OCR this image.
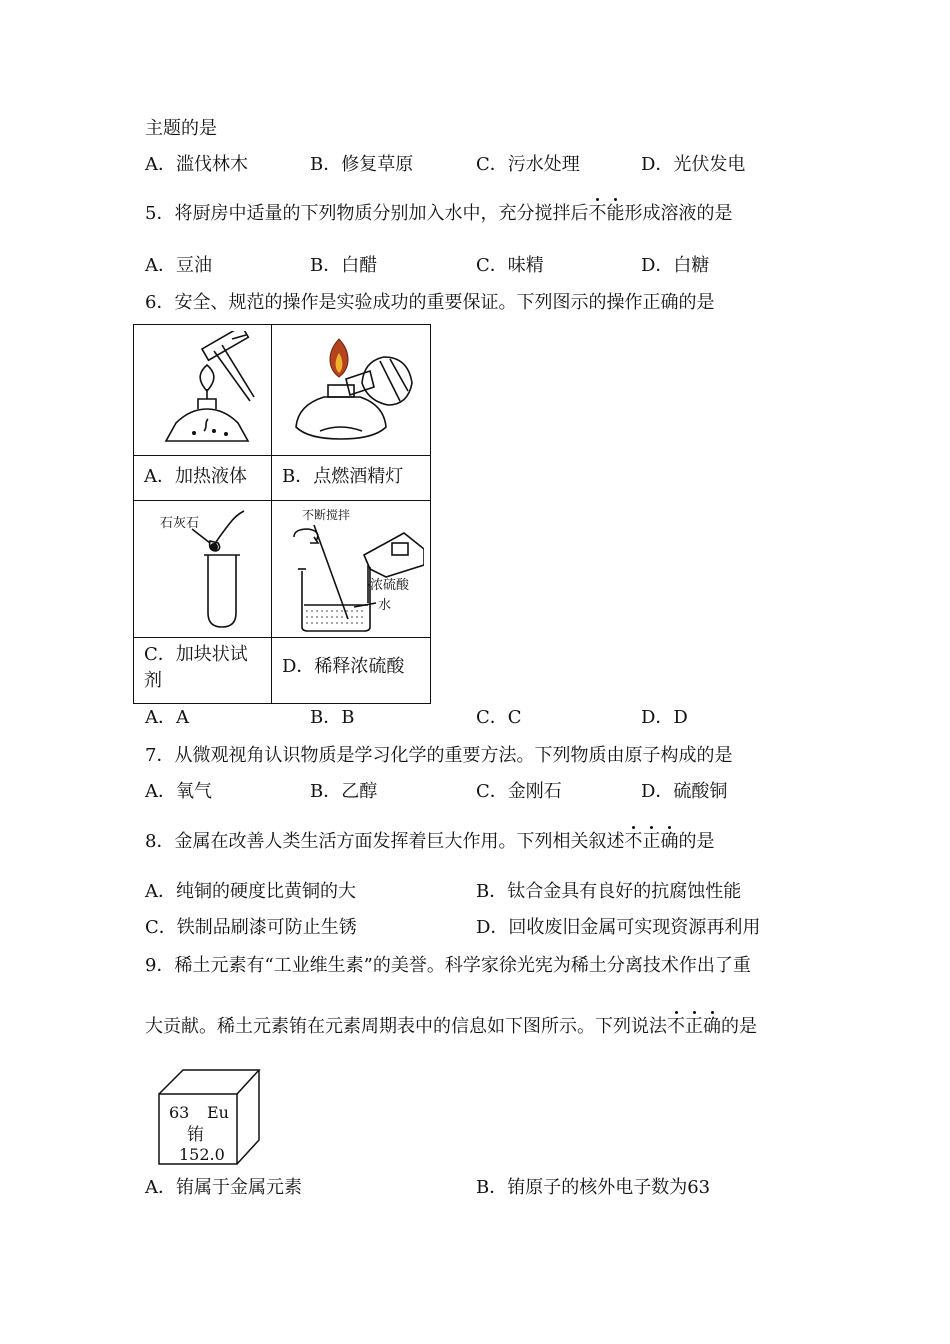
主题的是
A．滥伐林木	B．修复草原	C．污水处理	D．光伏发电
5．将厨房中适量的下列物质分别加入水中，充分搅拌后不能形成溶液的是
A．豆油	B．白醋	C．味精	D．白糖
6．安全、规范的操作是实验成功的重要保证。下列图示的操作正确的是
A．加热液体 B．点燃酒精灯
石灰石
不断搅拌
浓硫酸
水
C．加块状试
剂
D．稀释浓硫酸
A．A	B．B	C．C	D．D
7．从微观视角认识物质是学习化学的重要方法。下列物质由原子构成的是
A．氧气	B．乙醇	C．金刚石	D．硫酸铜
8．金属在改善人类生活方面发挥着巨大作用。下列相关叙述不正确的是
A．纯铜的硬度比黄铜的大	B．钛合金具有良好的抗腐蚀性能
C．铁制品刷漆可防止生锈	D．回收废旧金属可实现资源再利用
9．稀土元素有“工业维生素”的美誉。科学家徐光宪为稀土分离技术作出了重
大贡献。稀土元素铕在元素周期表中的信息如下图所示。下列说法不正确的是
63 Eu
铕
152.0
A．铕属于金属元素	B．铕原子的核外电子数为63
